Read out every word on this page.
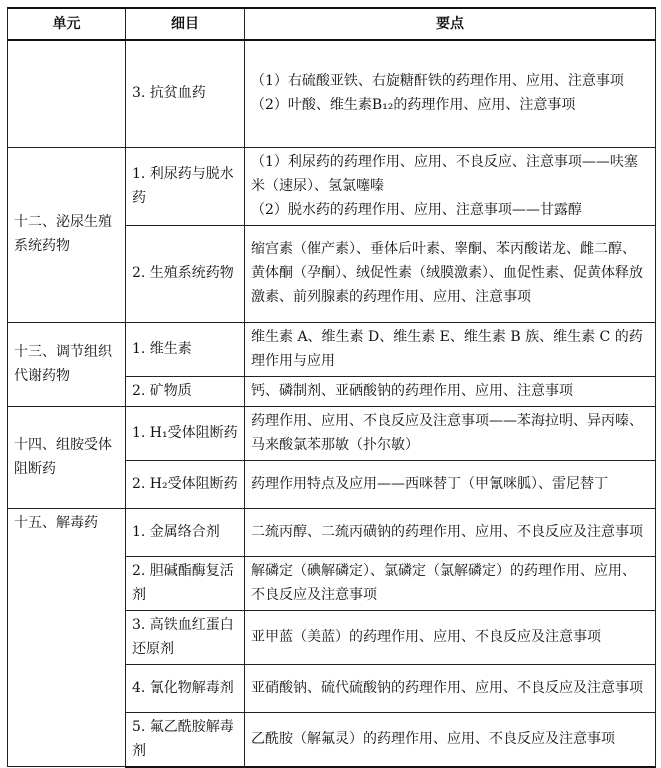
单元	细目	要点
	3. 抗贫血药	（1）右硫酸亚铁、右旋糖酐铁的药理作用、应用、注意事项
（2）叶酸、维生素B₁₂的药理作用、应用、注意事项

十二、泌尿生殖系统药物	1. 利尿药与脱水药	（1）利尿药的药理作用、应用、不良反应、注意事项——呋塞米（速尿）、氢氯噻嗪
（2）脱水药的药理作用、应用、注意事项——甘露醇

	2. 生殖系统药物	缩宫素（催产素）、垂体后叶素、睾酮、苯丙酸诺龙、雌二醇、黄体酮（孕酮）、绒促性素（绒膜激素）、血促性素、促黄体释放激素、前列腺素的药理作用、应用、注意事项
十三、调节组织代谢药物	1. 维生素	维生素 A、维生素 D、维生素 E、维生素 B 族、维生素 C 的药理作用与应用
	2. 矿物质	钙、磷制剂、亚硒酸钠的药理作用、应用、注意事项
十四、组胺受体阻断药	1. H₁受体阻断药	药理作用、应用、不良反应及注意事项——苯海拉明、异丙嗪、马来酸氯苯那敏（扑尔敏）
	2. H₂受体阻断药	药理作用特点及应用——西咪替丁（甲氰咪胍）、雷尼替丁
十五、解毒药	1. 金属络合剂	二巯丙醇、二巯丙磺钠的药理作用、应用、不良反应及注意事项
	2. 胆碱酯酶复活剂	解磷定（碘解磷定）、氯磷定（氯解磷定）的药理作用、应用、不良反应及注意事项
	3. 高铁血红蛋白还原剂	亚甲蓝（美蓝）的药理作用、应用、不良反应及注意事项
	4. 氰化物解毒剂	亚硝酸钠、硫代硫酸钠的药理作用、应用、不良反应及注意事项
	5. 氟乙酰胺解毒剂	乙酰胺（解氟灵）的药理作用、应用、不良反应及注意事项
